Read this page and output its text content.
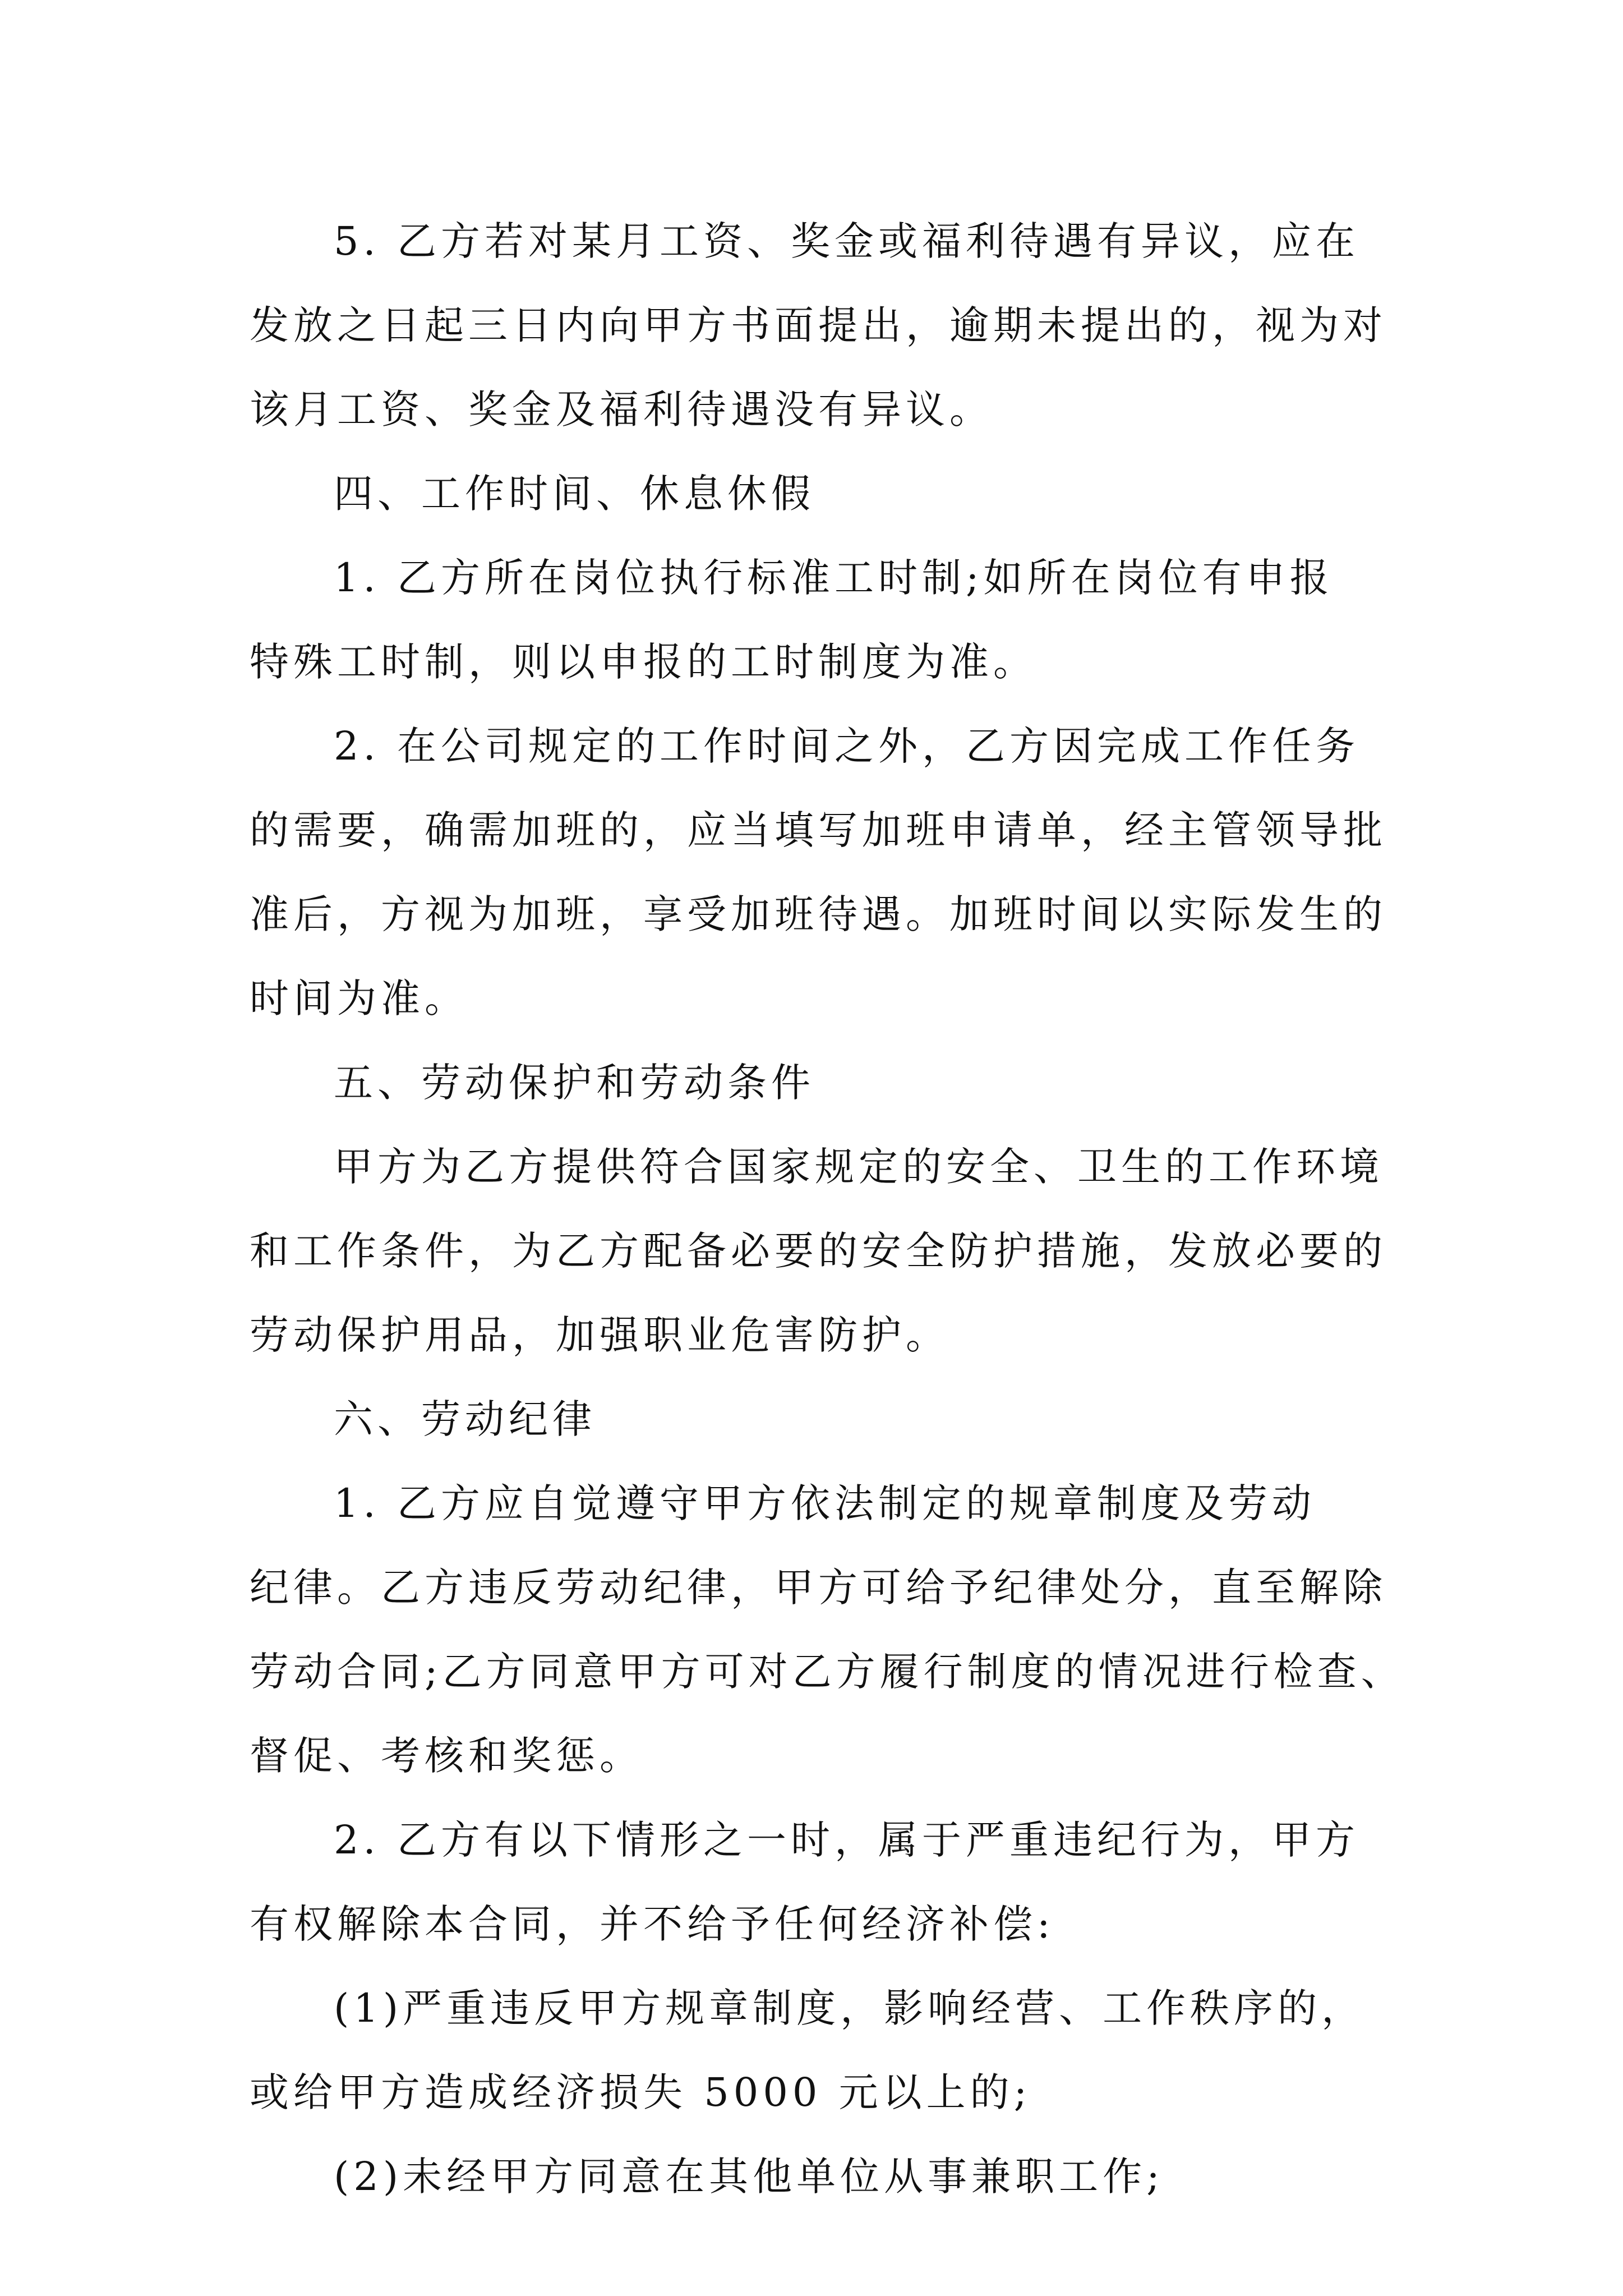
5. 乙方若对某月工资、奖金或福利待遇有异议，应在

发放之日起三日内向甲方书面提出，逾期未提出的，视为对

该月工资、奖金及福利待遇没有异议。

四、工作时间、休息休假

1. 乙方所在岗位执行标准工时制;如所在岗位有申报

特殊工时制，则以申报的工时制度为准。

2. 在公司规定的工作时间之外，乙方因完成工作任务

的需要，确需加班的，应当填写加班申请单，经主管领导批

准后，方视为加班，享受加班待遇。加班时间以实际发生的

时间为准。

五、劳动保护和劳动条件

甲方为乙方提供符合国家规定的安全、卫生的工作环境

和工作条件，为乙方配备必要的安全防护措施，发放必要的

劳动保护用品，加强职业危害防护。

六、劳动纪律

1. 乙方应自觉遵守甲方依法制定的规章制度及劳动

纪律。乙方违反劳动纪律，甲方可给予纪律处分，直至解除

劳动合同;乙方同意甲方可对乙方履行制度的情况进行检查、

督促、考核和奖惩。

2. 乙方有以下情形之一时，属于严重违纪行为，甲方

有权解除本合同，并不给予任何经济补偿:

(1)严重违反甲方规章制度，影响经营、工作秩序的，

或给甲方造成经济损失 5000 元以上的;

(2)未经甲方同意在其他单位从事兼职工作;
